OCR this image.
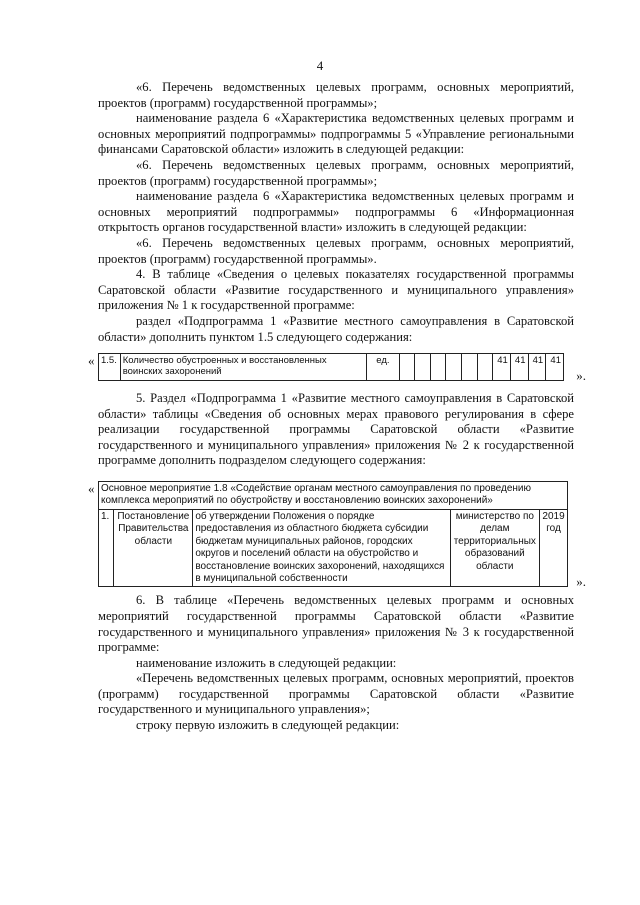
4

«6. Перечень ведомственных целевых программ, основных мероприятий, проектов (программ) государственной программы»;

наименование раздела 6 «Характеристика ведомственных целевых программ и основных мероприятий подпрограммы» подпрограммы 5 «Управление региональными финансами Саратовской области» изложить в следующей редакции:

«6. Перечень ведомственных целевых программ, основных мероприятий, проектов (программ) государственной программы»;

наименование раздела 6 «Характеристика ведомственных целевых программ и основных мероприятий подпрограммы» подпрограммы 6 «Информационная открытость органов государственной власти» изложить в следующей редакции:

«6. Перечень ведомственных целевых программ, основных мероприятий, проектов (программ) государственной программы».

4. В таблице «Сведения о целевых показателях государственной программы Саратовской области «Развитие государственного и муниципального управления» приложения № 1 к государственной программе:

раздел «Подпрограмма 1 «Развитие местного самоуправления в Саратовской области» дополнить пунктом 1.5 следующего содержания:

« 1.5.	Количество обустроенных и восстановленных воинских захоронений	ед.							41	41	41	41
».

5. Раздел «Подпрограмма 1 «Развитие местного самоуправления в Саратовской области» таблицы «Сведения об основных мерах правового регулирования в сфере реализации государственной программы Саратовской области «Развитие государственного и муниципального управления» приложения № 2 к государственной программе дополнить подразделом следующего содержания:

« Основное мероприятие 1.8 «Содействие органам местного самоуправления по проведению комплекса мероприятий по обустройству и восстановлению воинских захоронений»
1.	Постановление Правительства области	об утверждении Положения о порядке предоставления из областного бюджета субсидии бюджетам муниципальных районов, городских округов и поселений области на обустройство и восстановление воинских захоронений, находящихся в муниципальной собственности	министерство по делам территориальных образований области	2019 год
».

6. В таблице «Перечень ведомственных целевых программ и основных мероприятий государственной программы Саратовской области «Развитие государственного и муниципального управления» приложения № 3 к государственной программе:

наименование изложить в следующей редакции:

«Перечень ведомственных целевых программ, основных мероприятий, проектов (программ) государственной программы Саратовской области «Развитие государственного и муниципального управления»;

строку первую изложить в следующей редакции:
